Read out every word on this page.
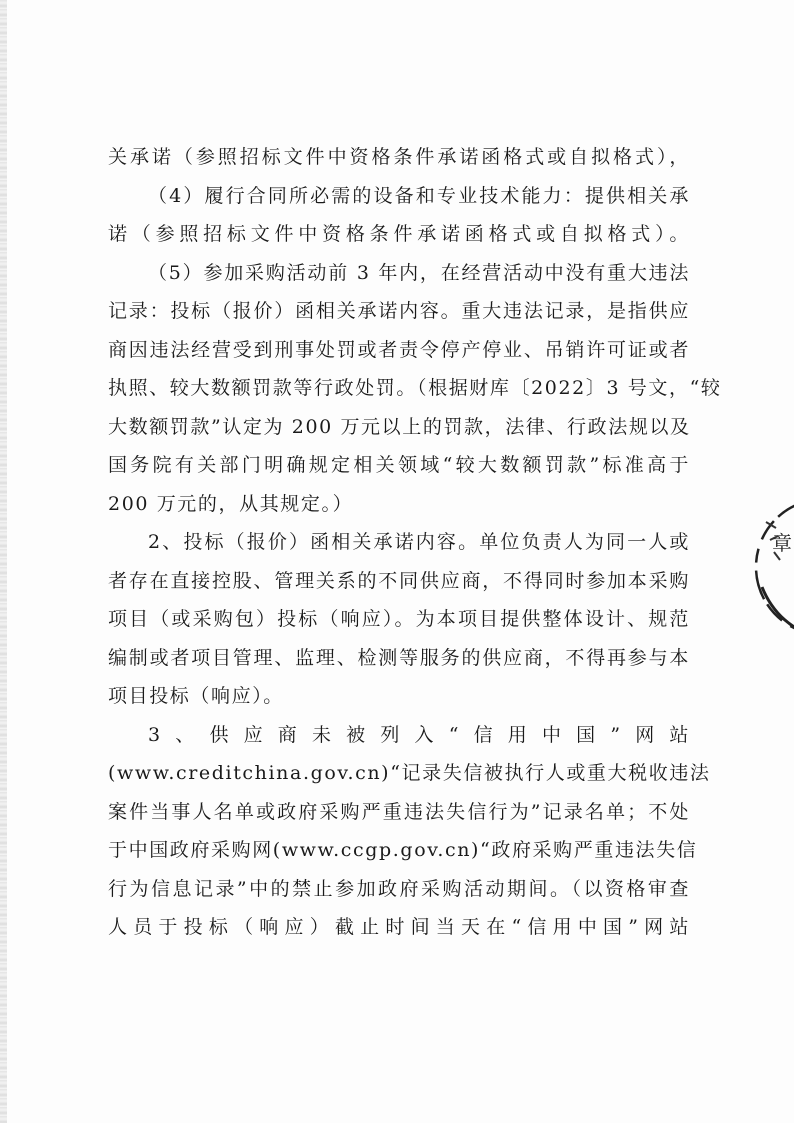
关承诺（参照招标文件中资格条件承诺函格式或自拟格式），
（4）履行合同所必需的设备和专业技术能力：提供相关承
诺（参照招标文件中资格条件承诺函格式或自拟格式）。
（5）参加采购活动前 3 年内，在经营活动中没有重大违法
记录：投标（报价）函相关承诺内容。重大违法记录，是指供应
商因违法经营受到刑事处罚或者责令停产停业、吊销许可证或者
执照、较大数额罚款等行政处罚。（根据财库〔2022〕3 号文，“较
大数额罚款”认定为 200 万元以上的罚款，法律、行政法规以及
国务院有关部门明确规定相关领域“较大数额罚款”标准高于
200 万元的，从其规定。）
2、投标（报价）函相关承诺内容。单位负责人为同一人或
者存在直接控股、管理关系的不同供应商，不得同时参加本采购
项目（或采购包）投标（响应）。为本项目提供整体设计、规范
编制或者项目管理、监理、检测等服务的供应商，不得再参与本
项目投标（响应）。
3、供应商未被列入“信用中国”网站
(www.creditchina.gov.cn)“记录失信被执行人或重大税收违法
案件当事人名单或政府采购严重违法失信行为”记录名单；不处
于中国政府采购网(www.ccgp.gov.cn)“政府采购严重违法失信
行为信息记录”中的禁止参加政府采购活动期间。（以资格审查
人员于投标（响应）截止时间当天在“信用中国”网站
章
